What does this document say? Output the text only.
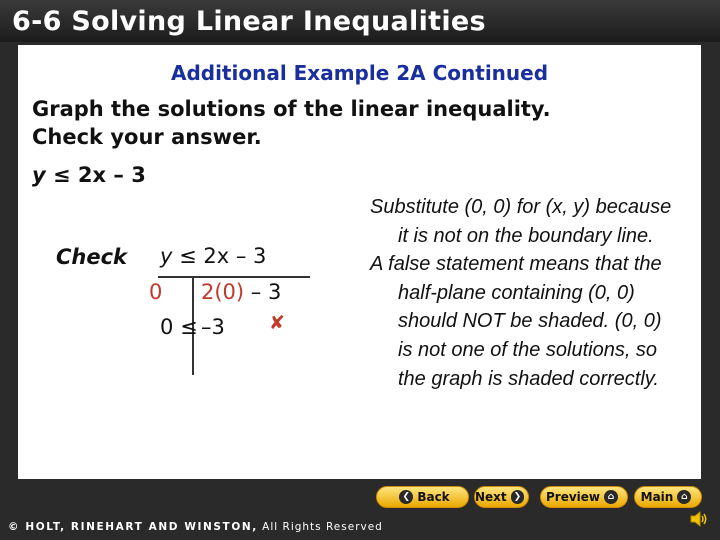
6-6 Solving Linear Inequalities
Additional Example 2A Continued
Graph the solutions of the linear inequality.
Check your answer.
y ≤ 2x – 3
Check y ≤ 2x – 3
0 2(0) – 3
0 ≤ –3 ✘

Substitute (0, 0) for (x, y) because it is not on the boundary line.

A false statement means that the half-plane containing (0, 0) should NOT be shaded. (0, 0) is not one of the solutions, so the graph is shaded correctly.

❮ Back Next ❯ Preview ⌂	Main ⌂
© HOLT, RINEHART AND WINSTON, All Rights Reserved
